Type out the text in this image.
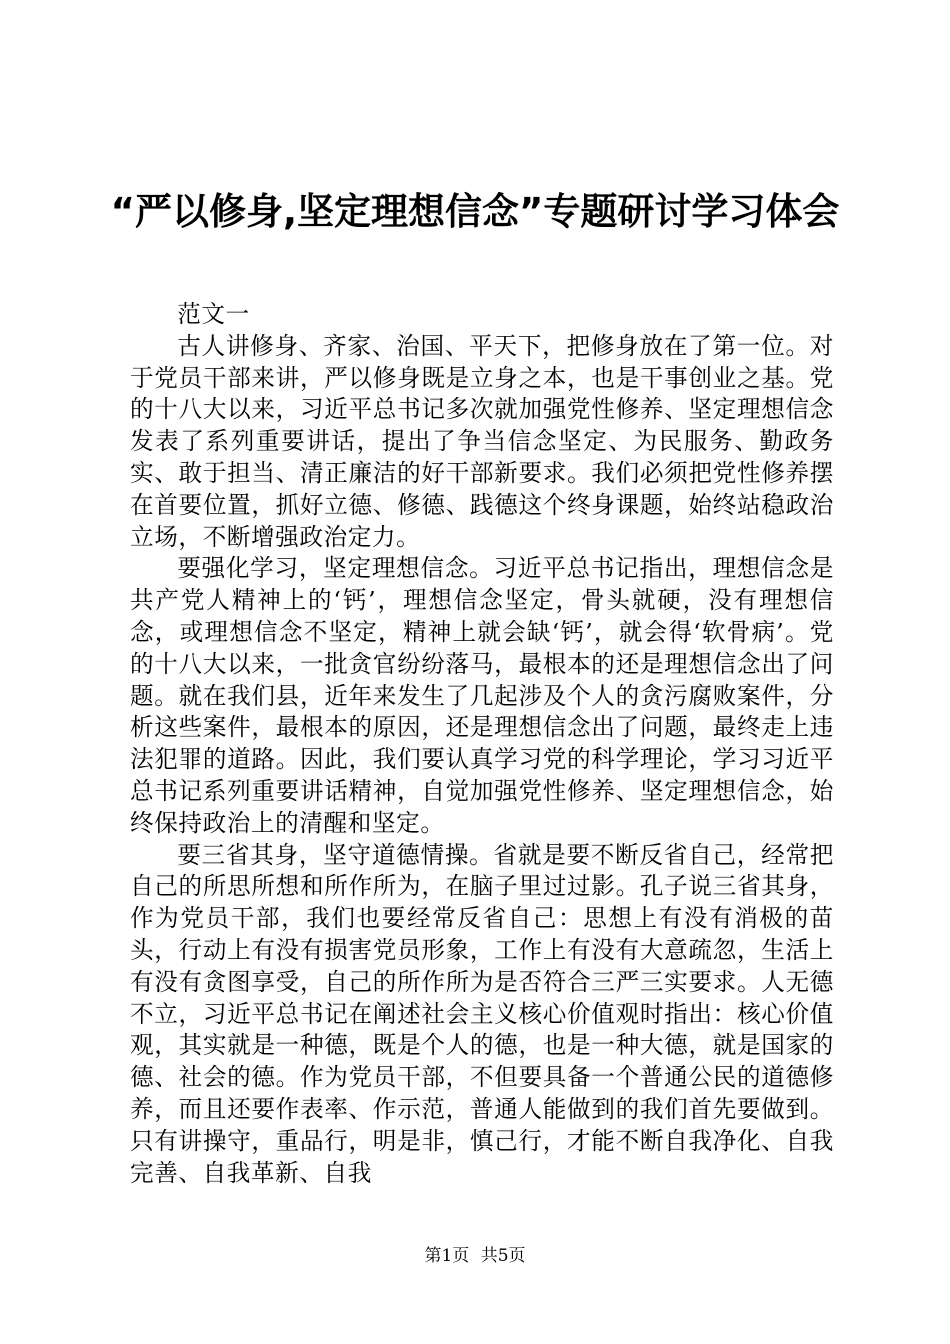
“严以修身,坚定理想信念”专题研讨学习体会

范文一

古人讲修身、齐家、治国、平天下，把修身放在了第一位。对于党员干部来讲，严以修身既是立身之本，也是干事创业之基。党的十八大以来，习近平总书记多次就加强党性修养、坚定理想信念发表了系列重要讲话，提出了争当信念坚定、为民服务、勤政务实、敢于担当、清正廉洁的好干部新要求。我们必须把党性修养摆在首要位置，抓好立德、修德、践德这个终身课题，始终站稳政治立场，不断增强政治定力。

要强化学习，坚定理想信念。习近平总书记指出，理想信念是共产党人精神上的‘钙’，理想信念坚定，骨头就硬，没有理想信念，或理想信念不坚定，精神上就会缺‘钙’，就会得‘软骨病’。党的十八大以来，一批贪官纷纷落马，最根本的还是理想信念出了问题。就在我们县，近年来发生了几起涉及个人的贪污腐败案件，分析这些案件，最根本的原因，还是理想信念出了问题，最终走上违法犯罪的道路。因此，我们要认真学习党的科学理论，学习习近平总书记系列重要讲话精神，自觉加强党性修养、坚定理想信念，始终保持政治上的清醒和坚定。

要三省其身，坚守道德情操。省就是要不断反省自己，经常把自己的所思所想和所作所为，在脑子里过过影。孔子说三省其身，作为党员干部，我们也要经常反省自己：思想上有没有消极的苗头，行动上有没有损害党员形象，工作上有没有大意疏忽，生活上有没有贪图享受，自己的所作所为是否符合三严三实要求。人无德不立，习近平总书记在阐述社会主义核心价值观时指出：核心价值观，其实就是一种德，既是个人的德，也是一种大德，就是国家的德、社会的德。作为党员干部，不但要具备一个普通公民的道德修养，而且还要作表率、作示范，普通人能做到的我们首先要做到。只有讲操守，重品行，明是非，慎己行，才能不断自我净化、自我完善、自我革新、自我

第1页 共5页
